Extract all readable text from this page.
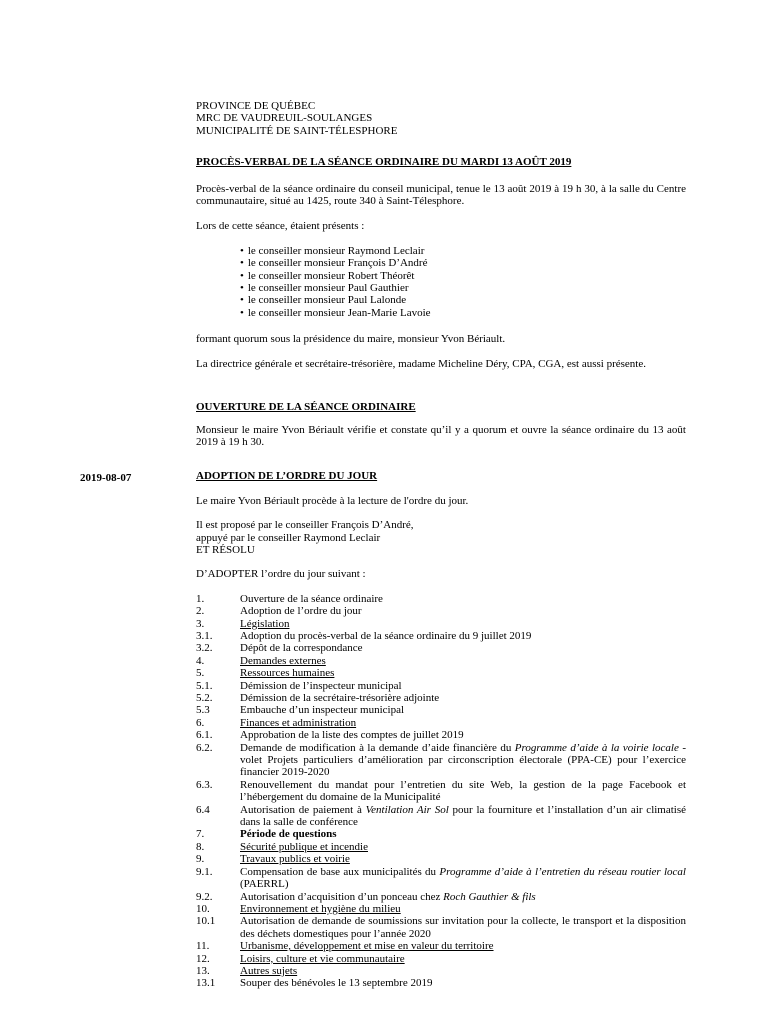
2019-08-07

PROVINCE DE QUÉBEC

MRC DE VAUDREUIL-SOULANGES

MUNICIPALITÉ DE SAINT-TÉLESPHORE

PROCÈS-VERBAL DE LA SÉANCE ORDINAIRE DU MARDI 13 AOÛT 2019

Procès-verbal de la séance ordinaire du conseil municipal, tenue le 13 août 2019 à 19 h 30, à la salle du Centre communautaire, situé au 1425, route 340 à Saint-Télesphore.

Lors de cette séance, étaient présents :

• le conseiller monsieur Raymond Leclair
• le conseiller monsieur François D’André
• le conseiller monsieur Robert Théorêt
• le conseiller monsieur Paul Gauthier
• le conseiller monsieur Paul Lalonde
• le conseiller monsieur Jean-Marie Lavoie

formant quorum sous la présidence du maire, monsieur Yvon Bériault.

La directrice générale et secrétaire-trésorière, madame Micheline Déry, CPA, CGA, est aussi présente.

OUVERTURE DE LA SÉANCE ORDINAIRE

Monsieur le maire Yvon Bériault vérifie et constate qu’il y a quorum et ouvre la séance ordinaire du 13 août 2019 à 19 h 30.

ADOPTION DE L’ORDRE DU JOUR

Le maire Yvon Bériault procède à la lecture de l'ordre du jour.

Il est proposé par le conseiller François D’André,

appuyé par le conseiller Raymond Leclair

ET RÉSOLU

D’ADOPTER l’ordre du jour suivant :

1.	Ouverture de la séance ordinaire
2.	Adoption de l’ordre du jour
3.	Législation
3.1.	Adoption du procès-verbal de la séance ordinaire du 9 juillet 2019
3.2.	Dépôt de la correspondance
4.	Demandes externes
5.	Ressources humaines
5.1.	Démission de l’inspecteur municipal
5.2.	Démission de la secrétaire-trésorière adjointe
5.3	Embauche d’un inspecteur municipal
6.	Finances et administration
6.1.	Approbation de la liste des comptes de juillet 2019
6.2.	Demande de modification à la demande d’aide financière du Programme d’aide à la voirie locale - volet Projets particuliers d’amélioration par circonscription électorale (PPA-CE) pour l’exercice financier 2019-2020
6.3.	Renouvellement du mandat pour l’entretien du site Web, la gestion de la page Facebook et l’hébergement du domaine de la Municipalité
6.4	Autorisation de paiement à Ventilation Air Sol pour la fourniture et l’installation d’un air climatisé dans la salle de conférence
7.	Période de questions
8.	Sécurité publique et incendie
9.	Travaux publics et voirie
9.1.	Compensation de base aux municipalités du Programme d’aide à l’entretien du réseau routier local (PAERRL)
9.2.	Autorisation d’acquisition d’un ponceau chez Roch Gauthier & fils
10.	Environnement et hygiène du milieu
10.1	Autorisation de demande de soumissions sur invitation pour la collecte, le transport et la disposition des déchets domestiques pour l’année 2020
11.	Urbanisme, développement et mise en valeur du territoire
12.	Loisirs, culture et vie communautaire
13.	Autres sujets
13.1	Souper des bénévoles le 13 septembre 2019
